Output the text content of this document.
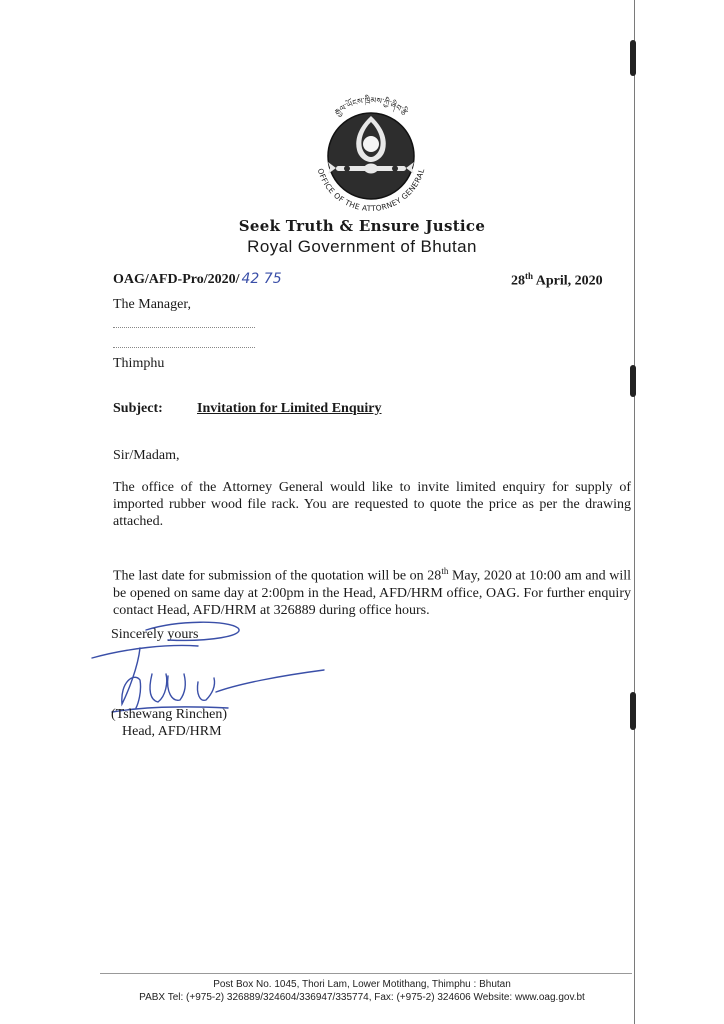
OFFICE OF THE ATTORNEY GENERAL
རྒྱལ་ཡོངས་ཁྲིམས་ཀྱི་ཞིབ་རྩི
Seek Truth & Ensure Justice
Royal Government of Bhutan
OAG/AFD-Pro/2020/ 42 75	28th April, 2020
The Manager,
Thimphu
Subject: Invitation for Limited Enquiry
Sir/Madam,
The office of the Attorney General would like to invite limited enquiry for supply of imported rubber wood file rack. You are requested to quote the price as per the drawing attached.
The last date for submission of the quotation will be on 28th May, 2020 at 10:00 am and will be opened on same day at 2:00pm in the Head, AFD/HRM office, OAG. For further enquiry contact Head, AFD/HRM at 326889 during office hours.
Sincerely yours
(Tshewang Rinchen)
Head, AFD/HRM
Post Box No. 1045, Thori Lam, Lower Motithang, Thimphu : Bhutan
PABX Tel: (+975-2) 326889/324604/336947/335774, Fax: (+975-2) 324606 Website: www.oag.gov.bt
